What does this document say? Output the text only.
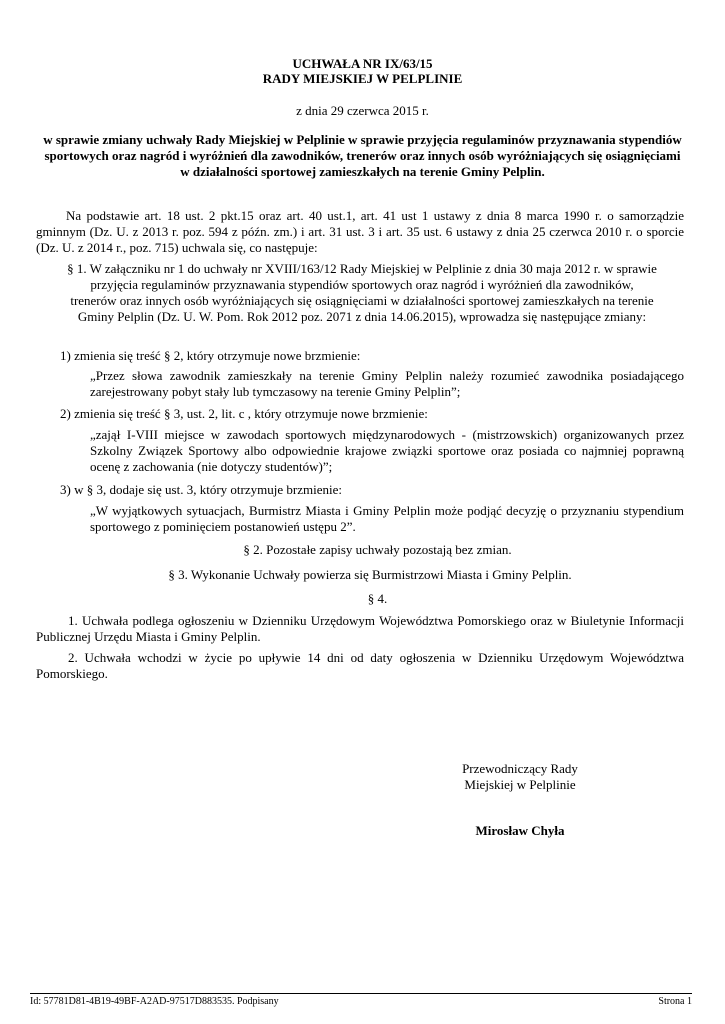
UCHWAŁA NR IX/63/15
RADY MIEJSKIEJ W PELPLINIE
z dnia 29 czerwca 2015 r.
w sprawie zmiany uchwały Rady Miejskiej w Pelplinie w sprawie przyjęcia regulaminów przyznawania stypendiów sportowych oraz nagród i wyróżnień dla zawodników, trenerów oraz innych osób wyróżniających się osiągnięciami w działalności sportowej zamieszkałych na terenie Gminy Pelplin.
Na podstawie art. 18 ust. 2 pkt.15 oraz art. 40 ust.1, art. 41 ust 1 ustawy z dnia 8 marca 1990 r. o samorządzie gminnym (Dz. U. z 2013 r. poz. 594 z późn. zm.) i art. 31 ust. 3 i art. 35 ust. 6 ustawy z dnia 25 czerwca 2010 r. o sporcie (Dz. U. z 2014 r., poz. 715) uchwala się, co następuje:
§ 1. W załączniku nr 1 do uchwały nr XVIII/163/12 Rady Miejskiej w Pelplinie z dnia 30 maja 2012 r. w sprawie przyjęcia regulaminów przyznawania stypendiów sportowych oraz nagród i wyróżnień dla zawodników, trenerów oraz innych osób wyróżniających się osiągnięciami w działalności sportowej zamieszkałych na terenie Gminy Pelplin (Dz. U. W. Pom. Rok 2012 poz. 2071 z dnia 14.06.2015), wprowadza się następujące zmiany:
1) zmienia się treść § 2, który otrzymuje nowe brzmienie:
„Przez słowa zawodnik zamieszkały na terenie Gminy Pelplin należy rozumieć zawodnika posiadającego zarejestrowany pobyt stały lub tymczasowy na terenie Gminy Pelplin”;
2) zmienia się treść § 3, ust. 2, lit. c , który otrzymuje nowe brzmienie:
„zajął I-VIII miejsce w zawodach sportowych międzynarodowych - (mistrzowskich) organizowanych przez Szkolny Związek Sportowy albo odpowiednie krajowe związki sportowe oraz posiada co najmniej poprawną ocenę z zachowania (nie dotyczy studentów)”;
3) w § 3, dodaje się ust. 3, który otrzymuje brzmienie:
„W wyjątkowych sytuacjach, Burmistrz Miasta i Gminy Pelplin może podjąć decyzję o przyznaniu stypendium sportowego z pominięciem postanowień ustępu 2”.
§ 2. Pozostałe zapisy uchwały pozostają bez zmian.
§ 3. Wykonanie Uchwały powierza się Burmistrzowi Miasta i Gminy Pelplin.
§ 4.
1. Uchwała podlega ogłoszeniu w Dzienniku Urzędowym Województwa Pomorskiego oraz w Biuletynie Informacji Publicznej Urzędu Miasta i Gminy Pelplin.
2. Uchwała wchodzi w życie po upływie 14 dni od daty ogłoszenia w Dzienniku Urzędowym Województwa Pomorskiego.
Przewodniczący Rady
Miejskiej w Pelplinie
Mirosław Chyła
Id: 57781D81-4B19-49BF-A2AD-97517D883535. Podpisany	Strona 1
